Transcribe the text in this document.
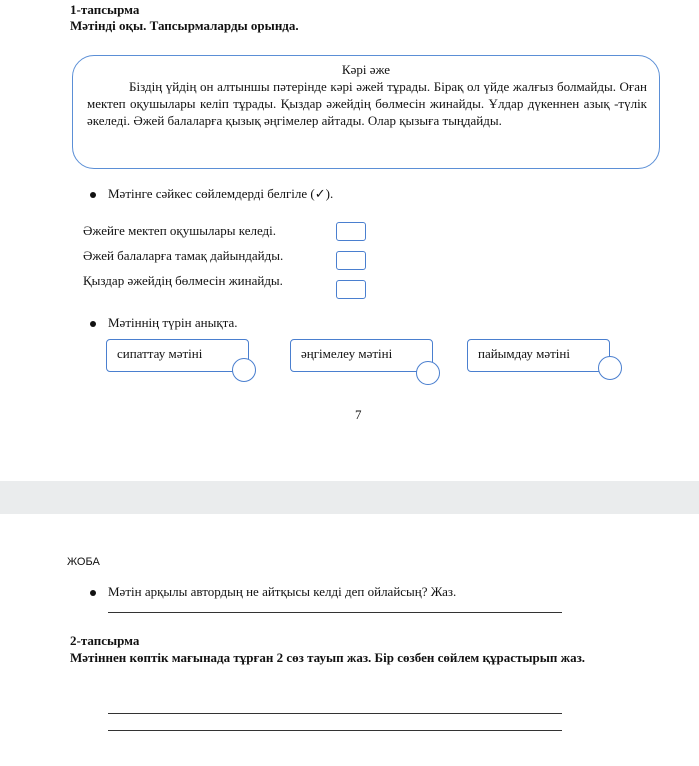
1-тапсырма
Мәтінді оқы. Тапсырмаларды орында.
Кәрі әже
Біздің үйдің он алтыншы пәтерінде кәрі әжей тұрады. Бірақ ол үйде жалғыз болмайды. Оған мектеп оқушылары келіп тұрады. Қыздар әжейдің бөлмесін жинайды. Ұлдар дүкеннен азық -түлік әкеледі. Әжей балаларға қызық әңгімелер айтады. Олар қызыға тыңдайды.
Мәтінге сәйкес сөйлемдерді белгіле (✓).
Әжейге мектеп оқушылары келеді.
Әжей балаларға тамақ дайындайды.
Қыздар әжейдің бөлмесін жинайды.
Мәтіннің түрін анықта.
сипаттау мәтіні	әңгімелеу мәтіні	пайымдау мәтіні
7
ЖОБА
Мәтін арқылы автордың не айтқысы келді деп ойлайсың? Жаз.
2-тапсырма
Мәтіннен көптік мағынада тұрған 2 сөз тауып жаз. Бір сөзбен сөйлем құрастырып жаз.
